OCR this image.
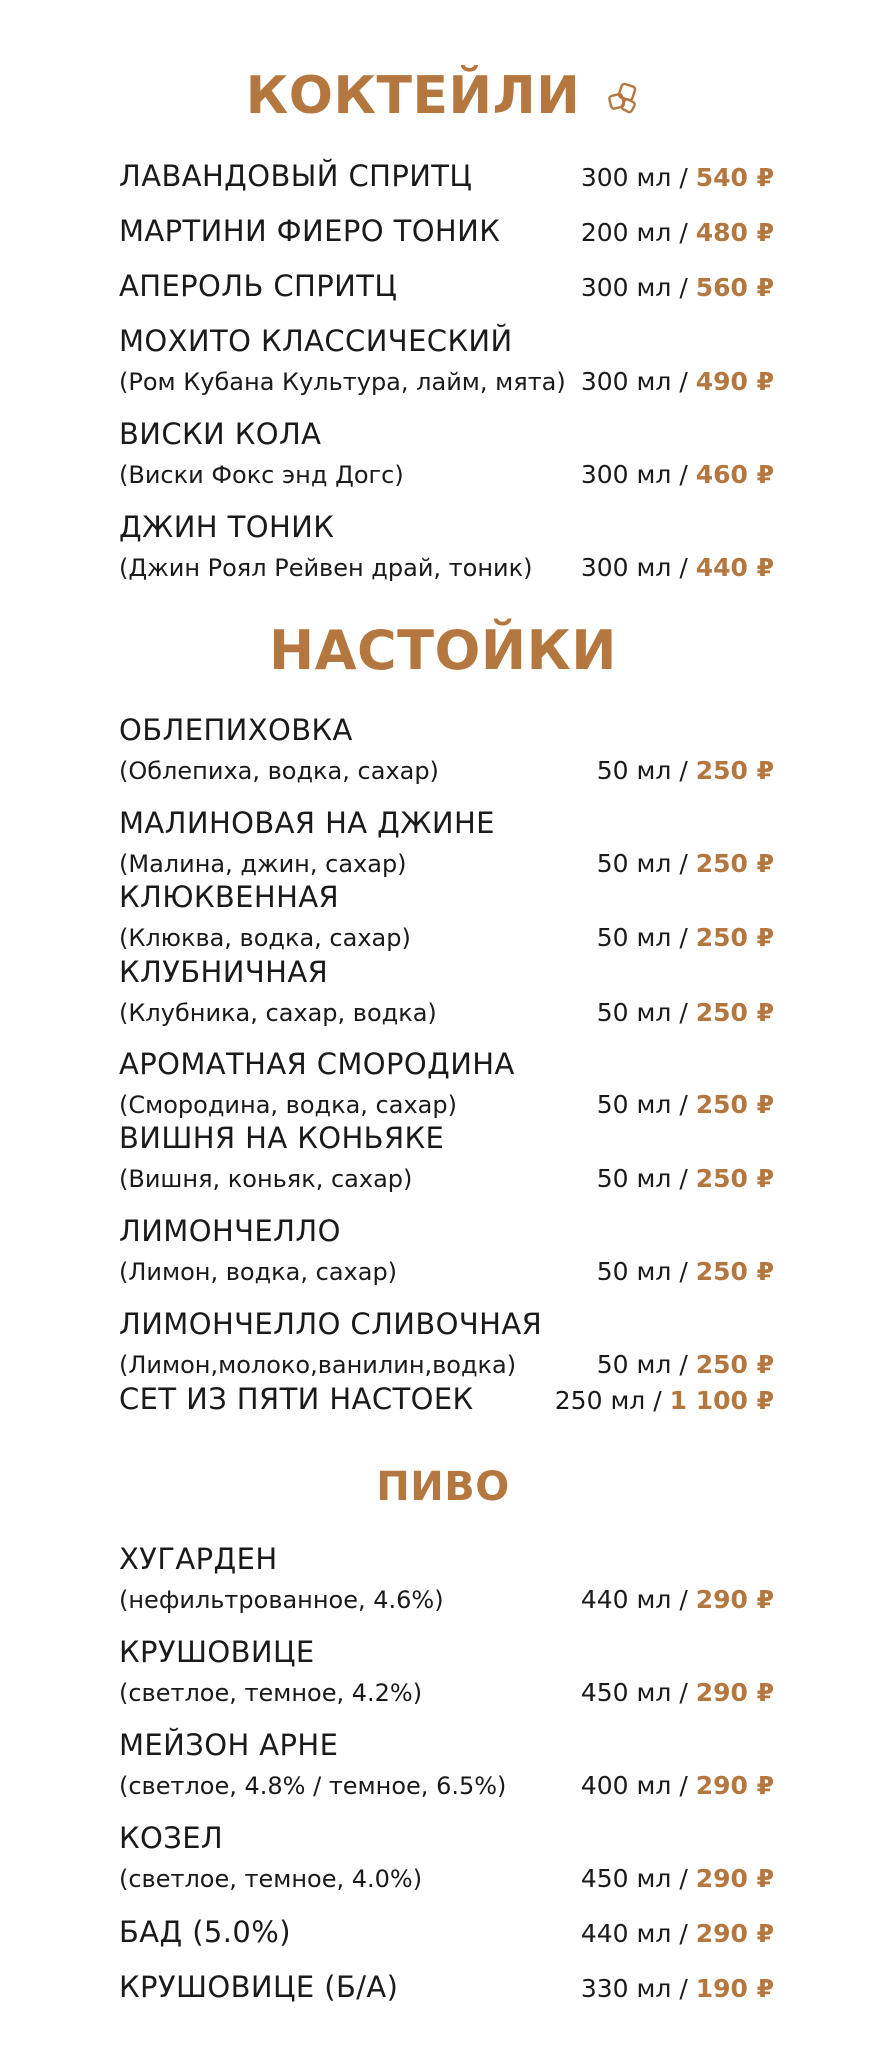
КОКТЕЙЛИ
ЛАВАНДОВЫЙ СПРИТЦ	300 мл / 540 ₽
МАРТИНИ ФИЕРО ТОНИК	200 мл / 480 ₽
АПЕРОЛЬ СПРИТЦ	300 мл / 560 ₽
МОХИТО КЛАССИЧЕСКИЙ
(Ром Кубана Культура, лайм, мята) 300 мл / 490 ₽
ВИСКИ КОЛА
(Виски Фокс энд Догс)	300 мл / 460 ₽
ДЖИН ТОНИК
(Джин Роял Рейвен драй, тоник) 300 мл / 440 ₽
НАСТОЙКИ
ОБЛЕПИХОВКА
(Облепиха, водка, сахар)	50 мл / 250 ₽
МАЛИНОВАЯ НА ДЖИНЕ
(Малина, джин, сахар)	50 мл / 250 ₽
КЛЮКВЕННАЯ
(Клюква, водка, сахар)	50 мл / 250 ₽
КЛУБНИЧНАЯ
(Клубника, сахар, водка)	50 мл / 250 ₽
АРОМАТНАЯ СМОРОДИНА
(Смородина, водка, сахар)	50 мл / 250 ₽
ВИШНЯ НА КОНЬЯКЕ
(Вишня, коньяк, сахар)	50 мл / 250 ₽
ЛИМОНЧЕЛЛО
(Лимон, водка, сахар)	50 мл / 250 ₽
ЛИМОНЧЕЛЛО СЛИВОЧНАЯ
(Лимон,молоко,ванилин,водка)	50 мл / 250 ₽
СЕТ ИЗ ПЯТИ НАСТОЕК	250 мл / 1 100 ₽
ПИВО
ХУГАРДЕН
(нефильтрованное, 4.6%)	440 мл / 290 ₽
КРУШОВИЦЕ
(светлое, темное, 4.2%)	450 мл / 290 ₽
МЕЙЗОН АРНЕ
(светлое, 4.8% / темное, 6.5%)	400 мл / 290 ₽
КОЗЕЛ
(светлое, темное, 4.0%)	450 мл / 290 ₽
БАД (5.0%)	440 мл / 290 ₽
КРУШОВИЦЕ (Б/А)	330 мл / 190 ₽
